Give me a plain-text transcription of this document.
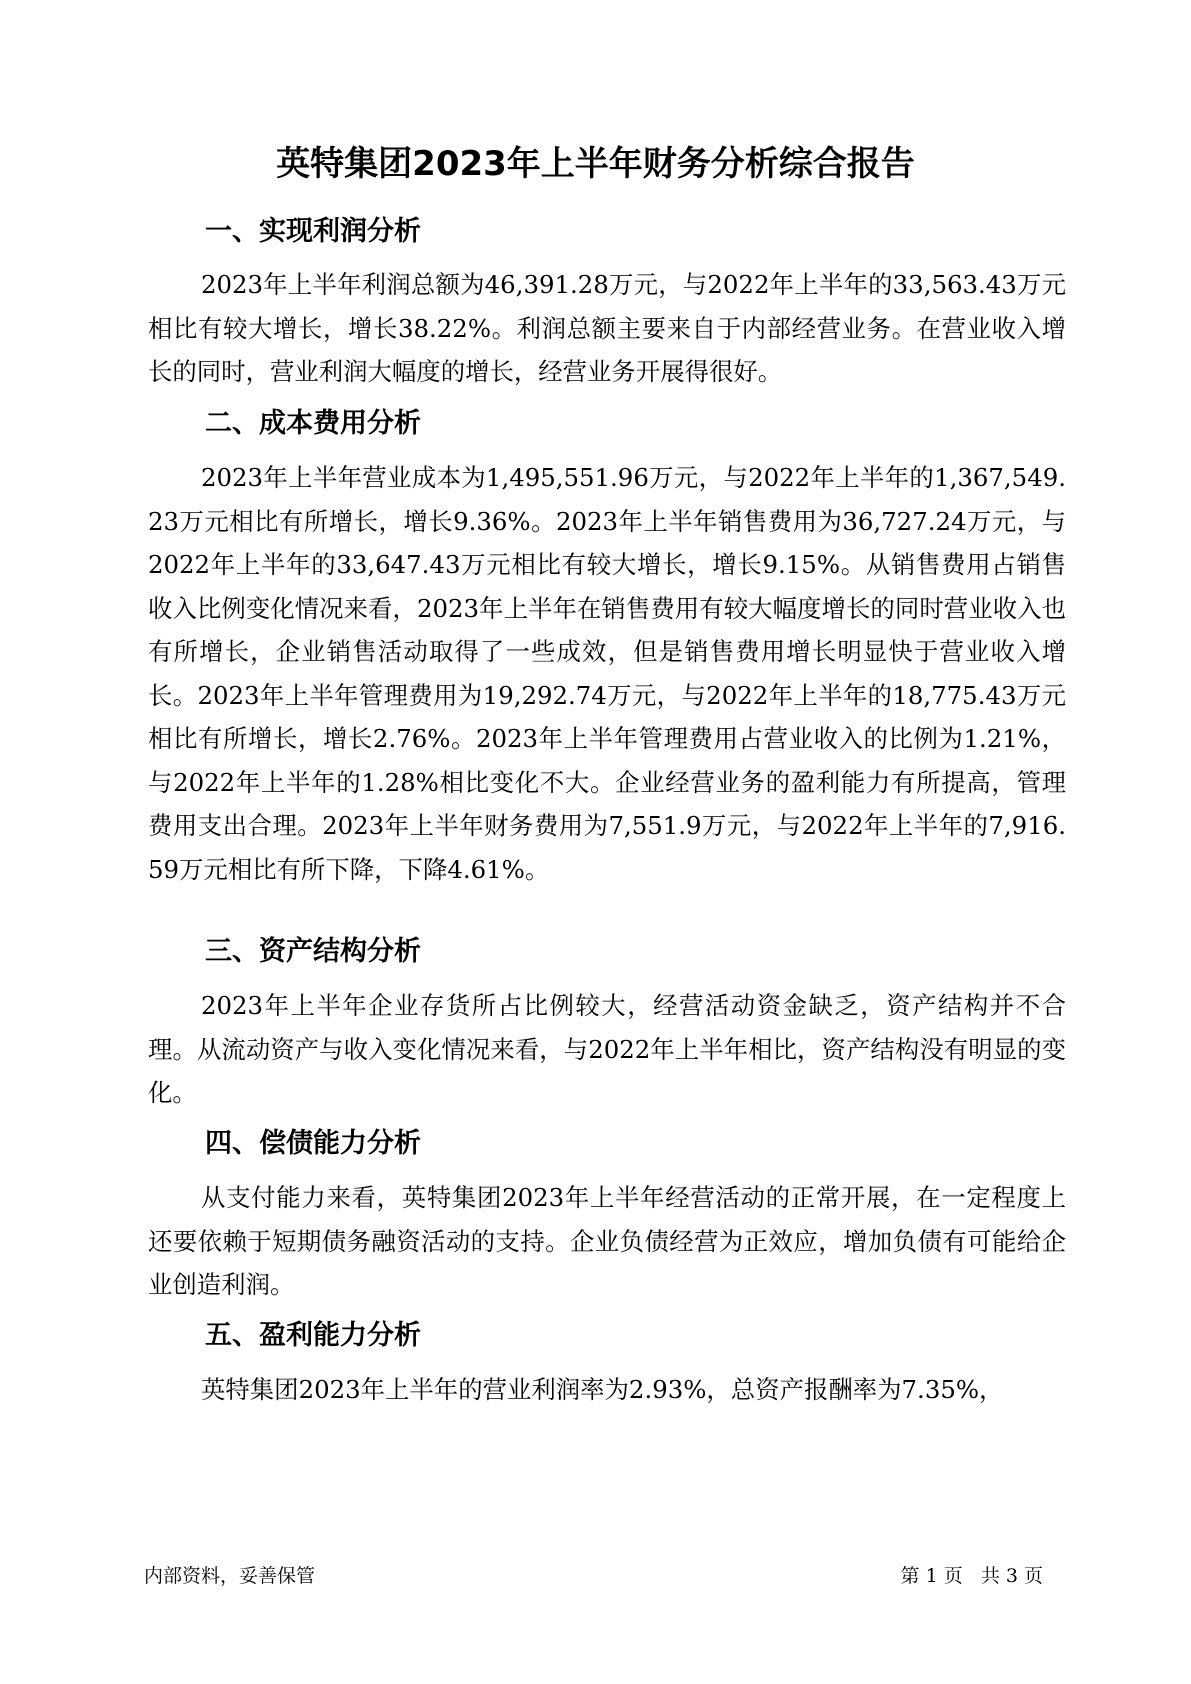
英特集团2023年上半年财务分析综合报告
一、实现利润分析
2023年上半年利润总额为46,391.28万元，与2022年上半年的33,563.43万元相比有较大增长，增长38.22%。利润总额主要来自于内部经营业务。在营业收入增长的同时，营业利润大幅度的增长，经营业务开展得很好。
二、成本费用分析
2023年上半年营业成本为1,495,551.96万元，与2022年上半年的1,367,549.23万元相比有所增长，增长9.36%。2023年上半年销售费用为36,727.24万元，与2022年上半年的33,647.43万元相比有较大增长，增长9.15%。从销售费用占销售收入比例变化情况来看，2023年上半年在销售费用有较大幅度增长的同时营业收入也有所增长，企业销售活动取得了一些成效，但是销售费用增长明显快于营业收入增长。2023年上半年管理费用为19,292.74万元，与2022年上半年的18,775.43万元相比有所增长，增长2.76%。2023年上半年管理费用占营业收入的比例为1.21%，与2022年上半年的1.28%相比变化不大。企业经营业务的盈利能力有所提高，管理费用支出合理。2023年上半年财务费用为7,551.9万元，与2022年上半年的7,916.59万元相比有所下降，下降4.61%。
三、资产结构分析
2023年上半年企业存货所占比例较大，经营活动资金缺乏，资产结构并不合理。从流动资产与收入变化情况来看，与2022年上半年相比，资产结构没有明显的变化。
四、偿债能力分析
从支付能力来看，英特集团2023年上半年经营活动的正常开展，在一定程度上还要依赖于短期债务融资活动的支持。企业负债经营为正效应，增加负债有可能给企业创造利润。
五、盈利能力分析
英特集团2023年上半年的营业利润率为2.93%，总资产报酬率为7.35%，
内部资料，妥善保管	第 1 页   共 3 页
